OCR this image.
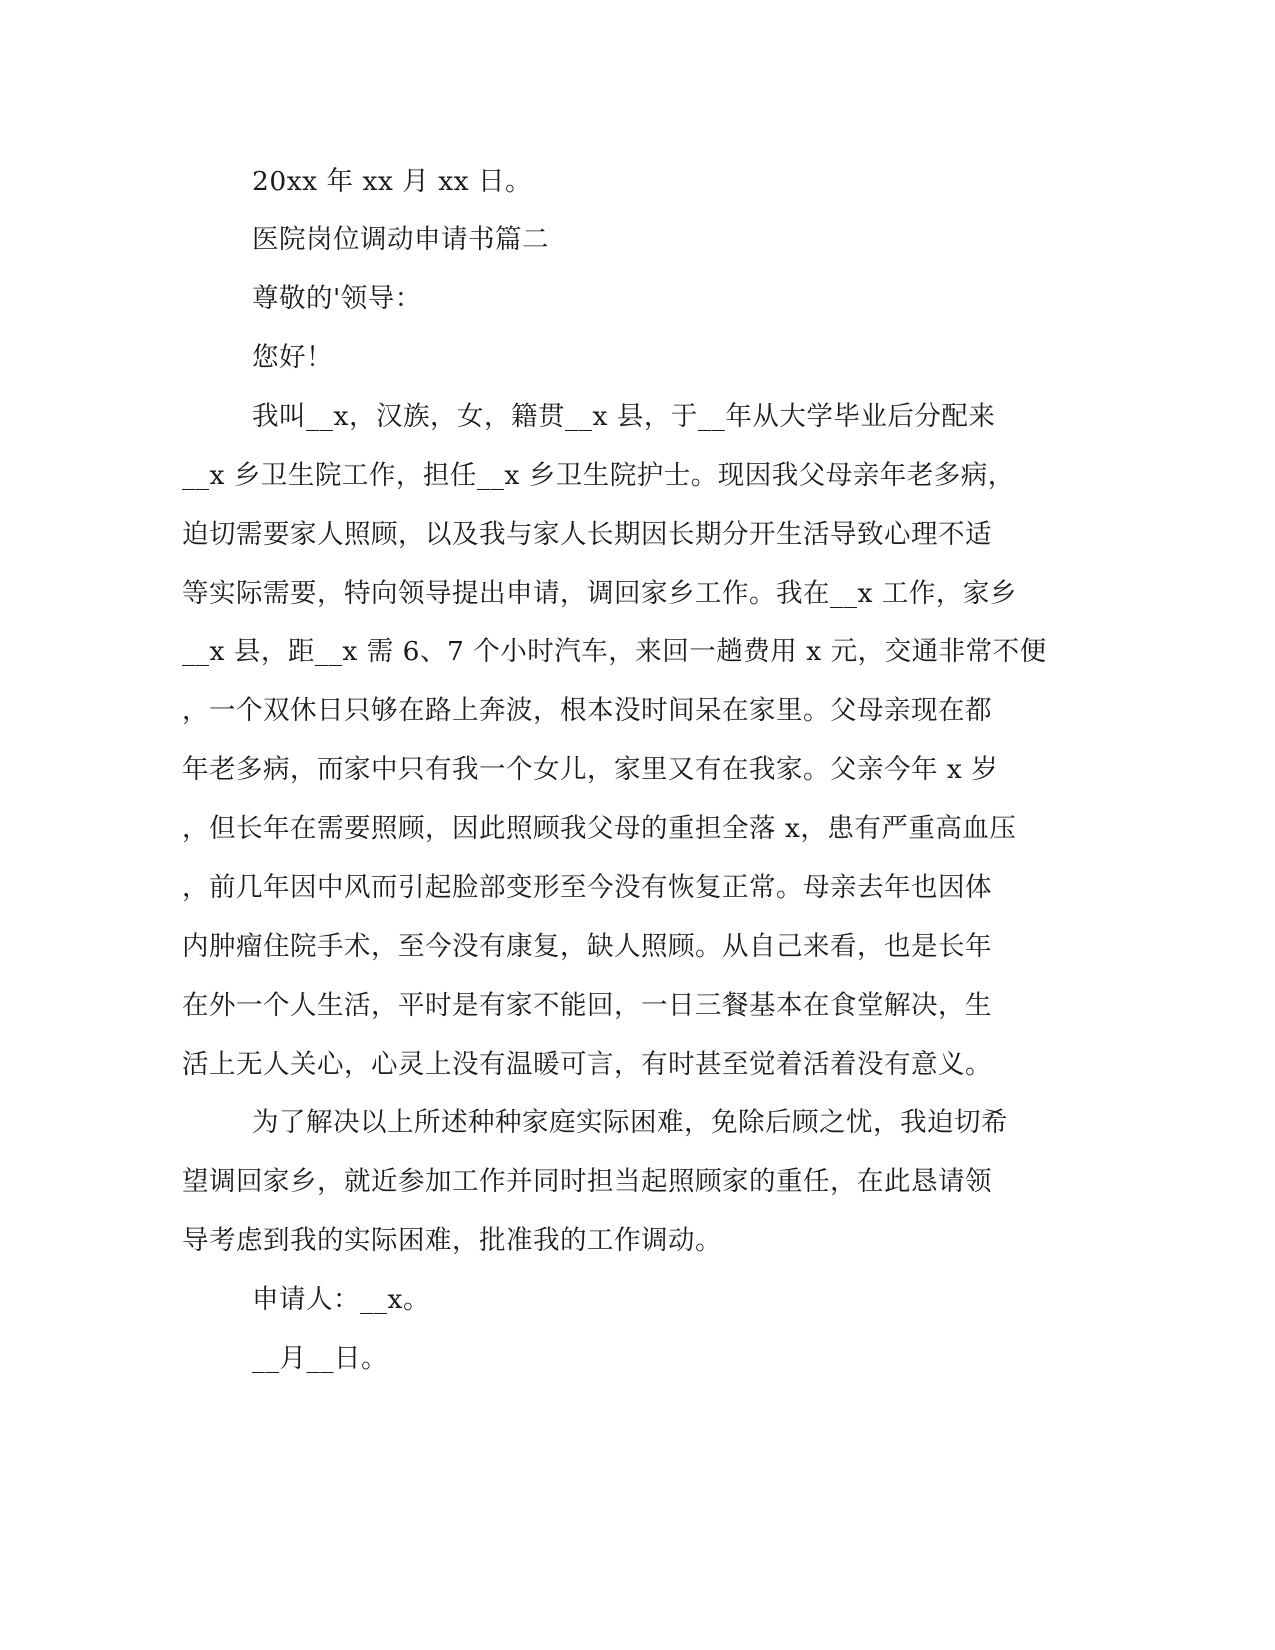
20xx 年 xx 月 xx 日。
医院岗位调动申请书篇二
尊敬的'领导：
您好！
我叫__x，汉族，女，籍贯__x 县，于__年从大学毕业后分配来
__x 乡卫生院工作，担任__x 乡卫生院护士。现因我父母亲年老多病，
迫切需要家人照顾，以及我与家人长期因长期分开生活导致心理不适
等实际需要，特向领导提出申请，调回家乡工作。我在__x 工作，家乡
__x 县，距__x 需 6、7 个小时汽车，来回一趟费用 x 元，交通非常不便
，一个双休日只够在路上奔波，根本没时间呆在家里。父母亲现在都
年老多病，而家中只有我一个女儿，家里又有在我家。父亲今年 x 岁
，但长年在需要照顾，因此照顾我父母的重担全落 x，患有严重高血压
，前几年因中风而引起脸部变形至今没有恢复正常。母亲去年也因体
内肿瘤住院手术，至今没有康复，缺人照顾。从自己来看，也是长年
在外一个人生活，平时是有家不能回，一日三餐基本在食堂解决，生
活上无人关心，心灵上没有温暖可言，有时甚至觉着活着没有意义。
为了解决以上所述种种家庭实际困难，免除后顾之忧，我迫切希
望调回家乡，就近参加工作并同时担当起照顾家的重任，在此恳请领
导考虑到我的实际困难，批准我的工作调动。
申请人：__x。
__月__日。
